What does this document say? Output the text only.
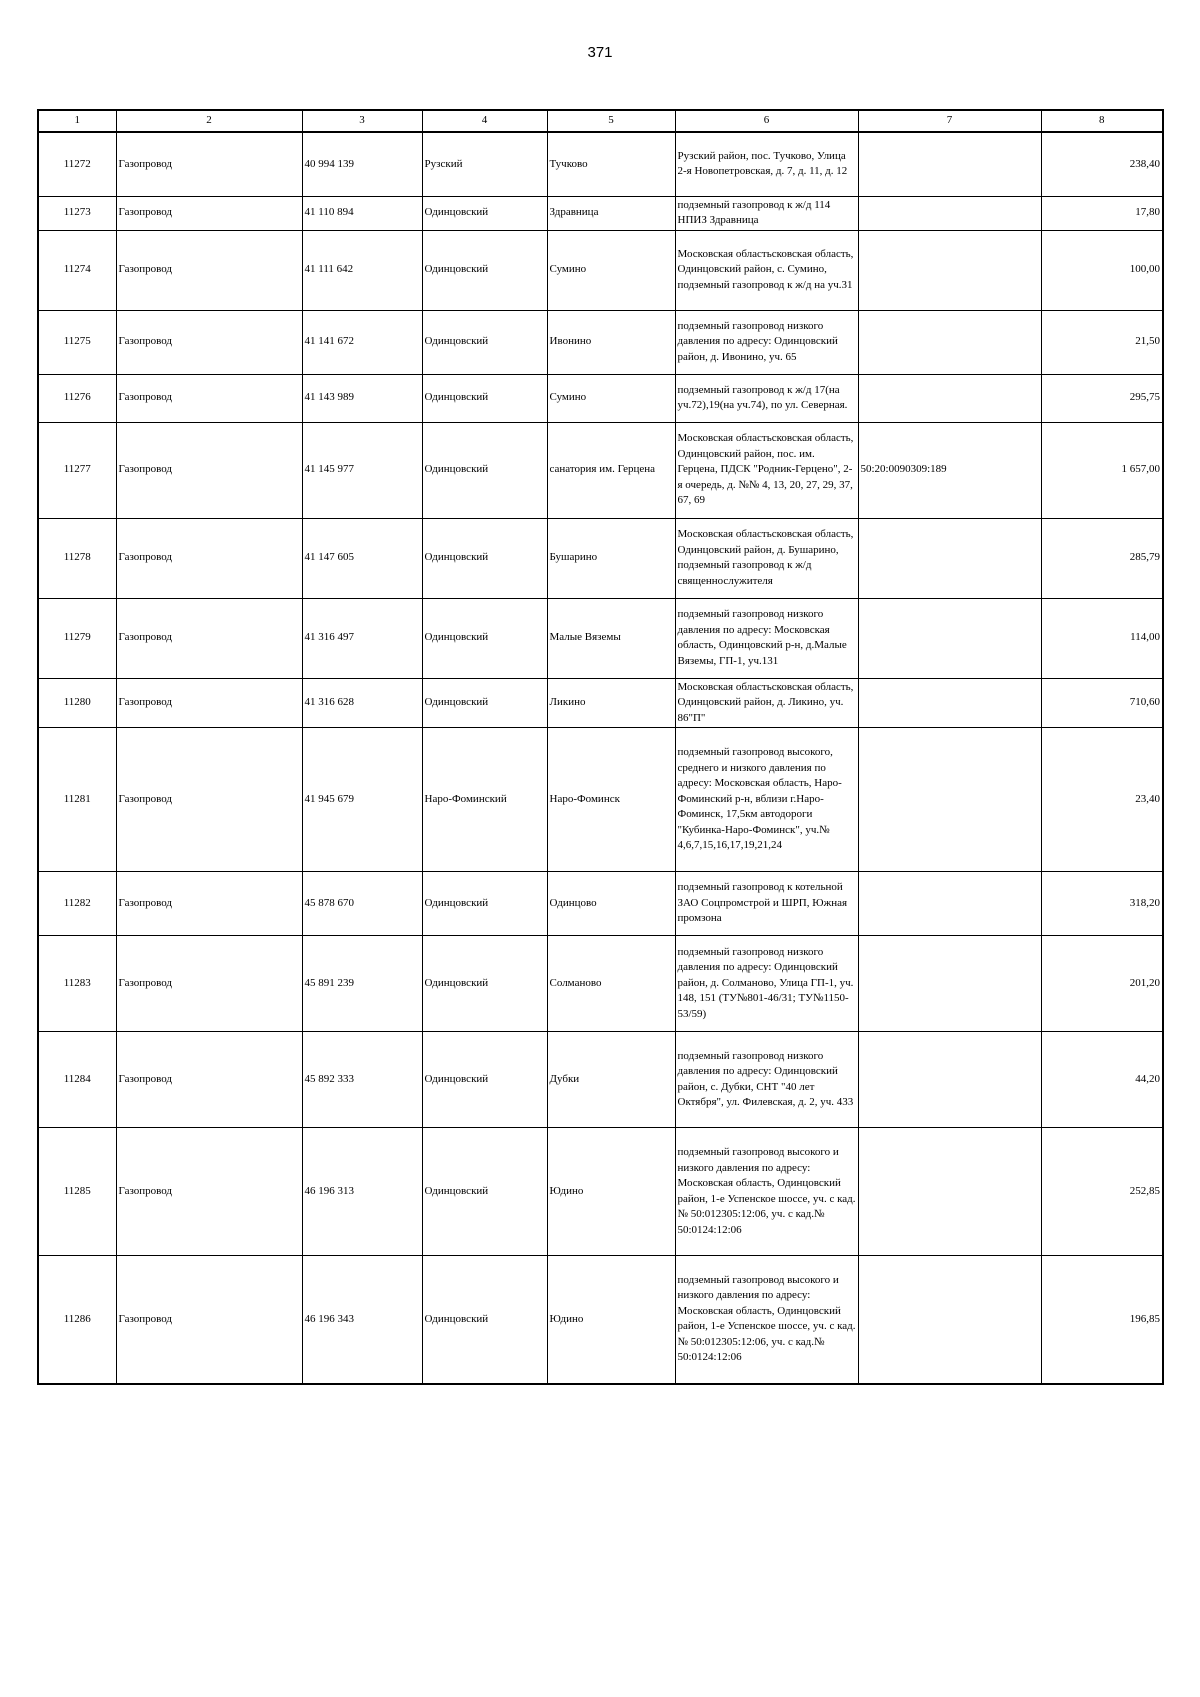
371
1	2	3	4	5	6	7	8
11272	Газопровод	40 994 139	Рузский	Тучково	Рузский район, пос. Тучково, Улица 2-я Новопетровская, д. 7, д. 11, д. 12		238,40
11273	Газопровод	41 110 894	Одинцовский	Здравница	подземный газопровод к ж/д 114 НПИЗ Здравница		17,80
11274	Газопровод	41 111 642	Одинцовский	Сумино	Московская областьсковская область, Одинцовский район, с. Сумино, подземный газопровод к ж/д на уч.31		100,00
11275	Газопровод	41 141 672	Одинцовский	Ивонино	подземный газопровод низкого давления по адресу: Одинцовский район, д. Ивонино, уч. 65		21,50
11276	Газопровод	41 143 989	Одинцовский	Сумино	подземный газопровод к ж/д 17(на уч.72),19(на уч.74), по ул. Северная.		295,75
11277	Газопровод	41 145 977	Одинцовский	санатория им. Герцена	Московская областьсковская область, Одинцовский район, пос. им. Герцена, ПДСК "Родник-Герцено", 2-я очередь, д. №№ 4, 13, 20, 27, 29, 37, 67, 69	50:20:0090309:189	1 657,00
11278	Газопровод	41 147 605	Одинцовский	Бушарино	Московская областьсковская область, Одинцовский район, д. Бушарино, подземный газопровод к ж/д священнослужителя		285,79
11279	Газопровод	41 316 497	Одинцовский	Малые Вяземы	подземный газопровод низкого давления по адресу: Московская область, Одинцовский р-н, д.Малые Вяземы, ГП-1, уч.131		114,00
11280	Газопровод	41 316 628	Одинцовский	Ликино	Московская областьсковская область, Одинцовский район, д. Ликино, уч. 86"П"		710,60
11281	Газопровод	41 945 679	Наро-Фоминский	Наро-Фоминск	подземный газопровод высокого, среднего и низкого давления по адресу: Московская область, Наро-Фоминский р-н, вблизи г.Наро-Фоминск, 17,5км автодороги "Кубинка-Наро-Фоминск", уч.№ 4,6,7,15,16,17,19,21,24		23,40
11282	Газопровод	45 878 670	Одинцовский	Одинцово	подземный газопровод к котельной ЗАО Соцпромстрой и ШРП, Южная промзона		318,20
11283	Газопровод	45 891 239	Одинцовский	Солманово	подземный газопровод низкого давления по адресу: Одинцовский район, д. Солманово, Улица ГП-1, уч. 148, 151 (ТУ№801-46/31; ТУ№1150-53/59)		201,20
11284	Газопровод	45 892 333	Одинцовский	Дубки	подземный газопровод низкого давления по адресу: Одинцовский район, с. Дубки, СНТ "40 лет Октября", ул. Филевская, д. 2, уч. 433		44,20
11285	Газопровод	46 196 313	Одинцовский	Юдино	подземный газопровод высокого и низкого давления по адресу: Московская область, Одинцовский район, 1-е Успенское шоссе, уч. с кад.№ 50:012305:12:06, уч. с кад.№ 50:0124:12:06		252,85
11286	Газопровод	46 196 343	Одинцовский	Юдино	подземный газопровод высокого и низкого давления по адресу: Московская область, Одинцовский район, 1-е Успенское шоссе, уч. с кад.№ 50:012305:12:06, уч. с кад.№ 50:0124:12:06		196,85
